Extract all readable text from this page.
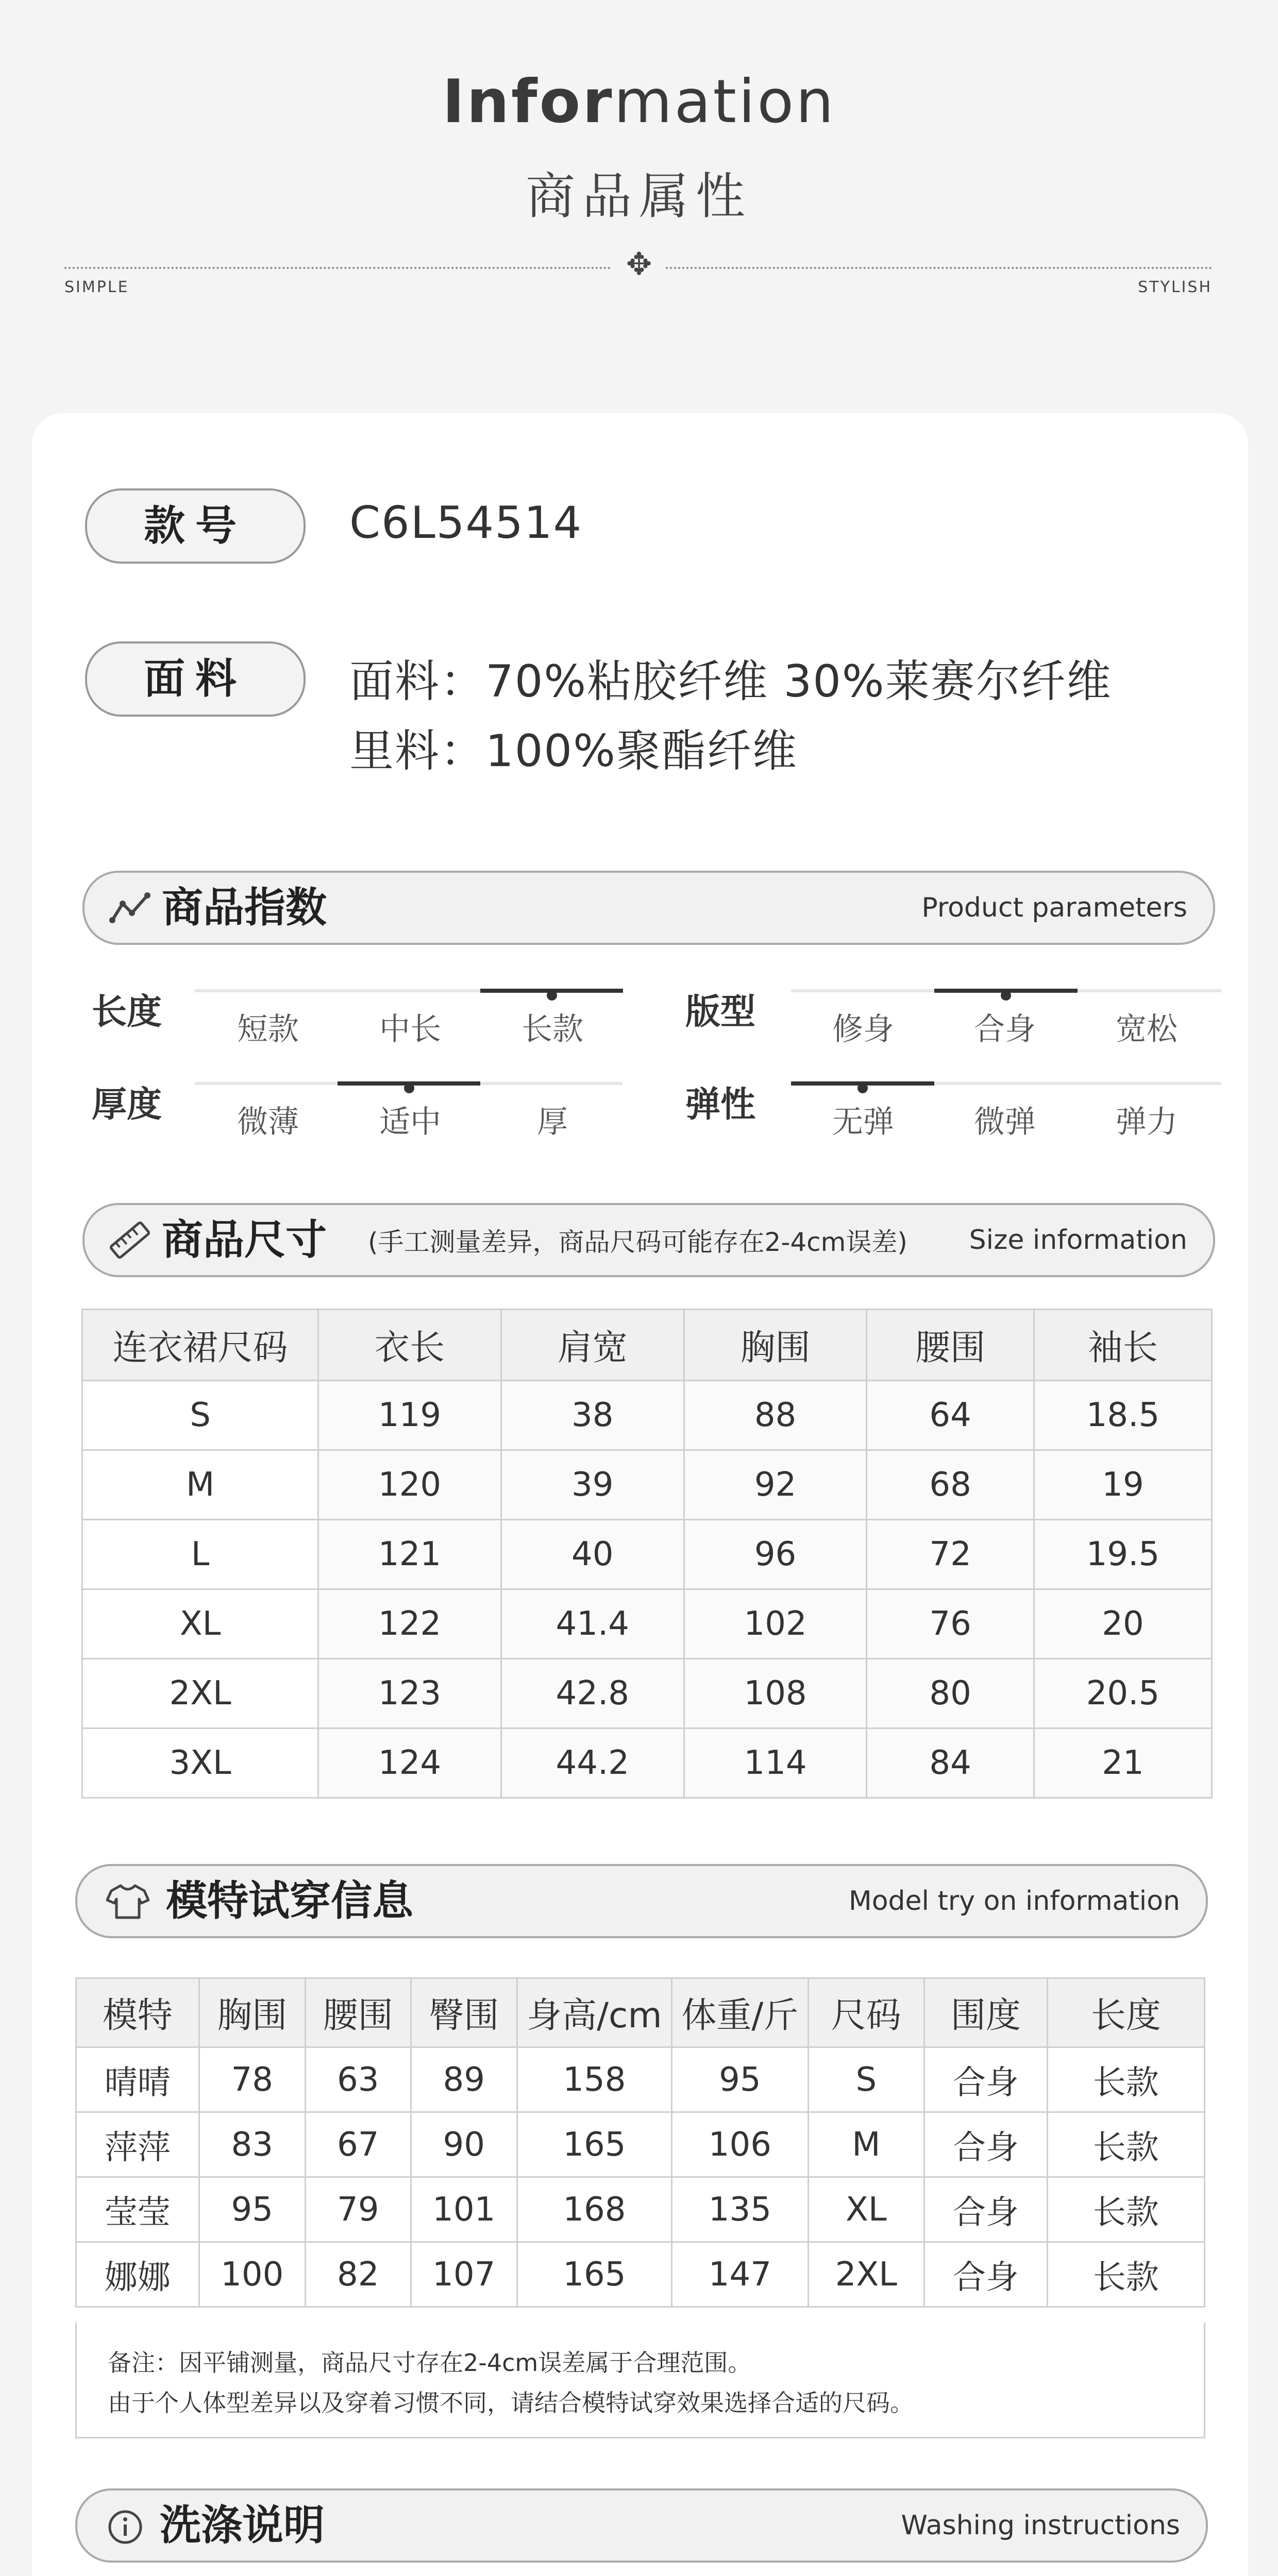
Information
商品属性
✥
SIMPLE	STYLISH
款号	C6L54514
面料	面料：70%粘胶纤维 30%莱赛尔纤维
里料：100%聚酯纤维
商品指数	Product parameters
长度	短款	中长	长款	版型	修身	合身	宽松
厚度	微薄	适中	厚	弹性	无弹	微弹	弹力
商品尺寸 (手工测量差异，商品尺码可能存在2-4cm误差) Size information
连衣裙尺码	衣长	肩宽	胸围	腰围	袖长
S	119	38	88	64	18.5
M	120	39	92	68	19
L	121	40	96	72	19.5
XL	122	41.4	102	76	20
2XL	123	42.8	108	80	20.5
3XL	124	44.2	114	84	21
模特试穿信息	Model try on information
模特	胸围	腰围	臀围	身高/cm	体重/斤	尺码	围度	长度
晴晴	78	63	89	158	95	S	合身	长款
萍萍	83	67	90	165	106	M	合身	长款
莹莹	95	79	101	168	135	XL	合身	长款
娜娜	100	82	107	165	147	2XL	合身	长款
备注：因平铺测量，商品尺寸存在2-4cm误差属于合理范围。
由于个人体型差异以及穿着习惯不同，请结合模特试穿效果选择合适的尺码。
洗涤说明	Washing instructions
